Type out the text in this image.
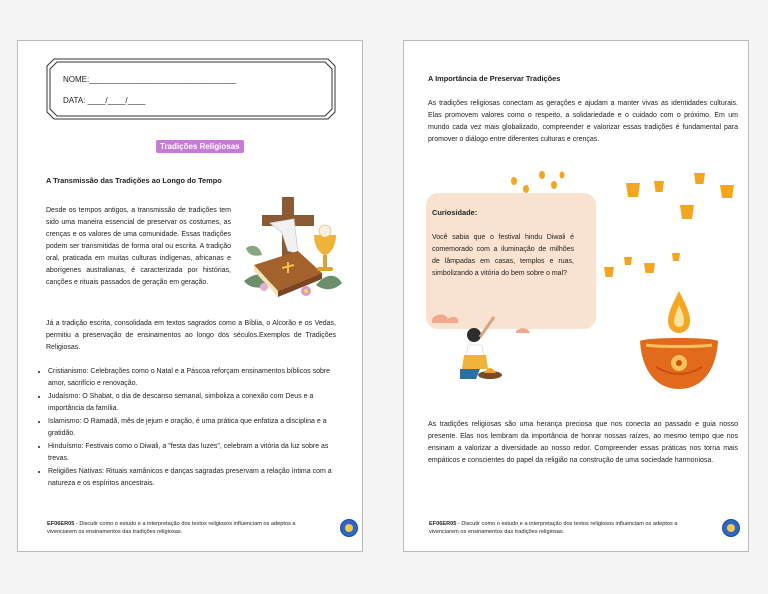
NOME:_________________________________
DATA: ____/____/____
Tradições Religiosas
A Transmissão das Tradições ao Longo do Tempo

Desde os tempos antigos, a transmissão de tradições tem sido uma maneira essencial de preservar os costumes, as crenças e os valores de uma comunidade. Essas tradições podem ser transmitidas de forma oral ou escrita. A tradição oral, praticada em muitas culturas indígenas, africanas e aborígenes australianas, é caracterizada por histórias, canções e rituais passados de geração em geração.

Já a tradição escrita, consolidada em textos sagrados como a Bíblia, o Alcorão e os Vedas, permitiu a preservação de ensinamentos ao longo dos séculos.Exemplos de Tradições Religiosas.

• Cristianismo: Celebrações como o Natal e a Páscoa reforçam ensinamentos bíblicos sobre amor, sacrifício e renovação.
• Judaísmo: O Shabat, o dia de descanso semanal, simboliza a conexão com Deus e a importância da família.
• Islamismo: O Ramadã, mês de jejum e oração, é uma prática que enfatiza a disciplina e a gratidão.
• Hinduísmo: Festivais como o Diwali, a "festa das luzes", celebram a vitória da luz sobre as trevas.
• Religiões Nativas: Rituais xamânicos e danças sagradas preservam a relação íntima com a natureza e os espíritos ancestrais.
EF06ER05 - Discutir como o estudo e a interpretação dos textos religiosos influenciam os adeptos a vivenciarem os ensinamentos das tradições religiosas.
A Importância de Preservar Tradições

As tradições religiosas conectam as gerações e ajudam a manter vivas as identidades culturais. Elas promovem valores como o respeito, a solidariedade e o cuidado com o próximo. Em um mundo cada vez mais globalizado, compreender e valorizar essas tradições é fundamental para promover o diálogo entre diferentes culturas e crenças.

Curiosidade:

Você sabia que o festival hindu Diwali é comemorado com a iluminação de milhões de lâmpadas em casas, templos e ruas, simbolizando a vitória do bem sobre o mal?

As tradições religiosas são uma herança preciosa que nos conecta ao passado e guia nosso presente. Elas nos lembram da importância de honrar nossas raízes, ao mesmo tempo que nos ensinam a valorizar a diversidade ao nosso redor. Compreender essas práticas nos torna mais empáticos e conscientes do papel da religião na construção de uma sociedade harmoniosa.

EF06ER05 - Discutir como o estudo e a interpretação dos textos religiosos influenciam os adeptos a vivenciarem os ensinamentos das tradições religiosas.
